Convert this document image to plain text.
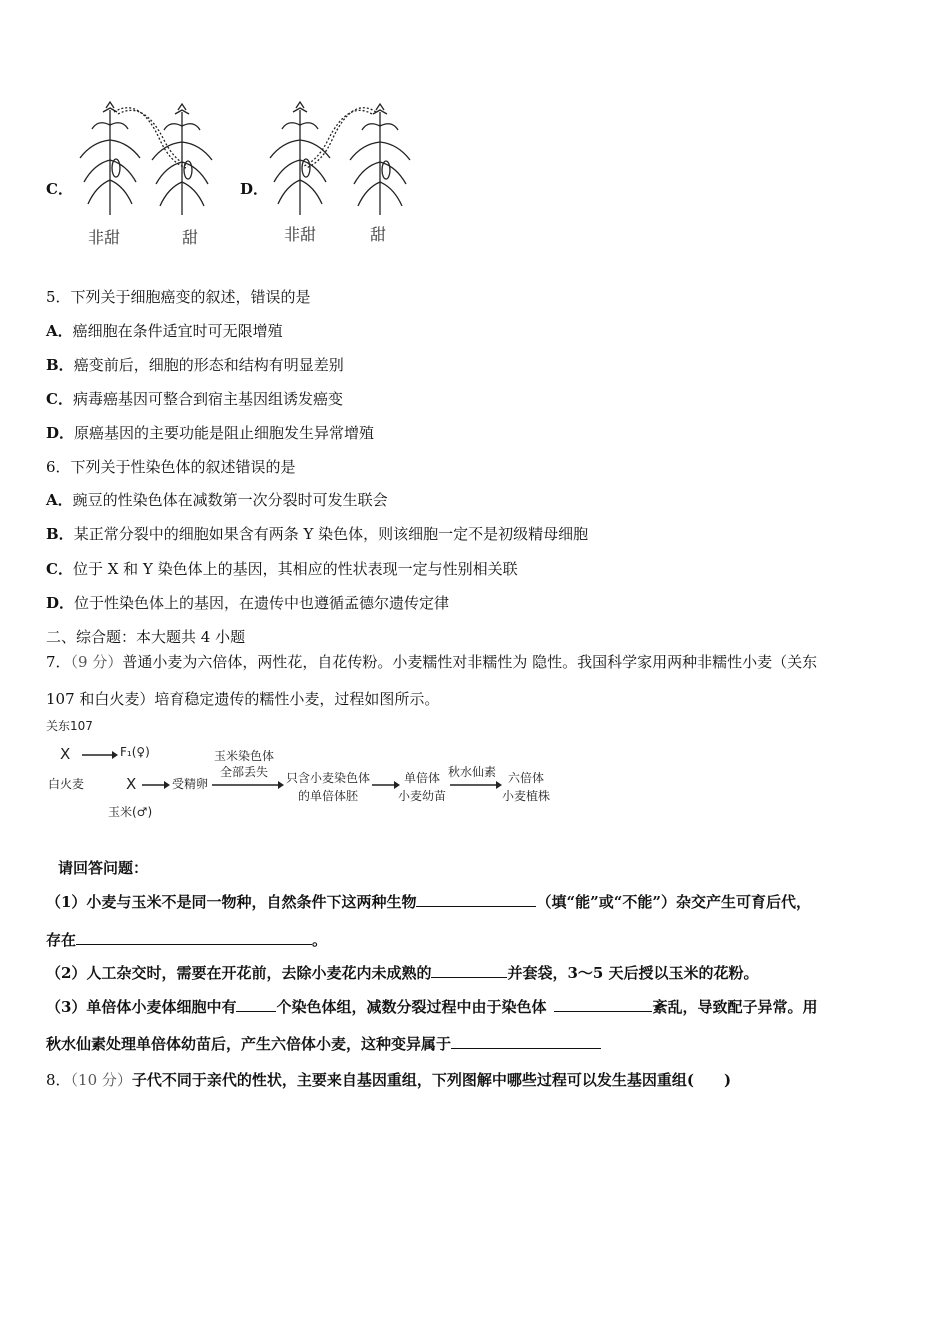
C．
非甜	甜
D．
非甜	甜
5．下列关于细胞癌变的叙述，错误的是
A．癌细胞在条件适宜时可无限增殖
B．癌变前后，细胞的形态和结构有明显差别
C．病毒癌基因可整合到宿主基因组诱发癌变
D．原癌基因的主要功能是阻止细胞发生异常增殖
6．下列关于性染色体的叙述错误的是
A．豌豆的性染色体在减数第一次分裂时可发生联会
B．某正常分裂中的细胞如果含有两条 Y 染色体，则该细胞一定不是初级精母细胞
C．位于 X 和 Y 染色体上的基因，其相应的性状表现一定与性别相关联
D．位于性染色体上的基因，在遗传中也遵循孟德尔遗传定律
二、综合题：本大题共 4 小题
7．（9 分）普通小麦为六倍体，两性花，自花传粉。小麦糯性对非糯性为 隐性。我国科学家用两种非糯性小麦（关东
107 和白火麦）培育稳定遗传的糯性小麦，过程如图所示。
关东107
X	F₁(♀)
白火麦	X	受精卵
玉米(♂)
玉米染色体
全部丢失 只含小麦染色体
的单倍体胚
单倍体
小麦幼苗
秋水仙素 六倍体
小麦植株
请回答问题：
（1）小麦与玉米不是同一物种，自然条件下这两种生物	（填“能”或“不能”）杂交产生可育后代，
存在	。
（2）人工杂交时，需要在开花前，去除小麦花内未成熟的	并套袋，3～5 天后授以玉米的花粉。
（3）单倍体小麦体细胞中有	个染色体组，减数分裂过程中由于染色体	紊乱，导致配子异常。用
秋水仙素处理单倍体幼苗后，产生六倍体小麦，这种变异属于
8．（10 分）子代不同于亲代的性状，主要来自基因重组，下列图解中哪些过程可以发生基因重组(　　)
